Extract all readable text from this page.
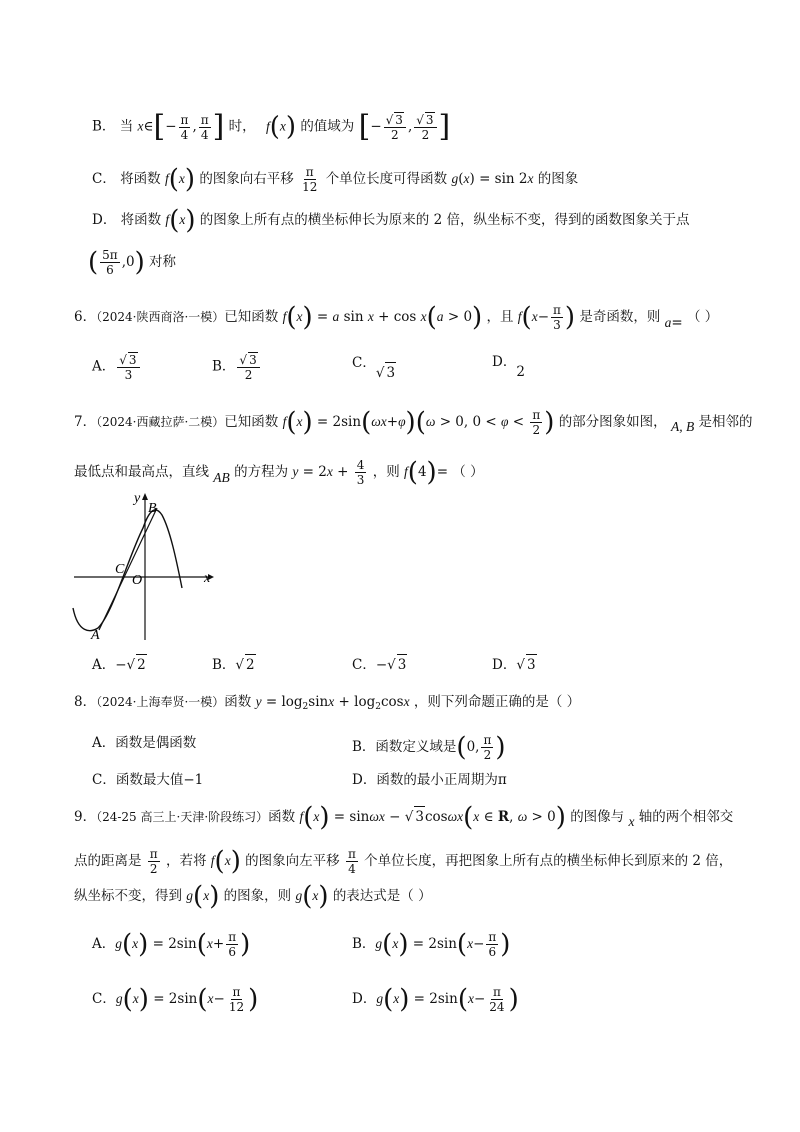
B． 当 x∈[− $\frac{\pi}{4}$ , $\frac{\pi}{4}$ ] 时， f(x) 的值域为 [− $\frac{√ 3}{2}$ , $\frac{√ 3}{2}$ ]
C． 将函数 f(x) 的图象向右平移 $\frac{\pi}{12}$ 个单位长度可得函数 g(x) = sin 2x 的图象
D． 将函数 f(x) 的图象上所有点的横坐标伸长为原来的 2 倍，纵坐标不变，得到的函数图象关于点
( $\frac{5\pi}{6} ,0$) 对称
6．（2024·陕西商洛·一模）已知函数 f(x) = a sin x + cos x(a > 0) ，且 $f(x- \frac{\pi}{3}$ ) 是奇函数，则 a= （ ）
A． $\frac{√ 3}{3}$	B． $\frac{√ 3}{2}$	C．√ 3
D．2
7．（2024·西藏拉萨·二模）已知函数 f(x) = 2sin(ωx+φ)(ω > 0, $0 < \varphi < \frac{\pi}{2}$ ) 的部分图象如图， A, B 是相邻的
最低点和最高点，直线 AB 的方程为 $y = 2x + \frac{4}{3}$ ，则 f(4)= （ ）
y
x
B
C
O
A
A．−√ 2	B．√ 2	C．−√ 3	D．√ 3
8．（2024·上海奉贤·一模）函数 $y = \log_2\sin x + \log_2\cos x$ ，则下列命题正确的是（ ）
A．函数是偶函数	B．函数定义域是(0, $\frac{\pi}{2}$ )
C．函数最大值−1	D．函数的最小正周期为π
9．（24-25 高三上·天津·阶段练习）函数 f(x) = sinωx − √ 3cosωx(x ∈ R, ω > 0) 的图像与 x 轴的两个相邻交
点的距离是 $\frac{\pi}{2}$ ，若将 f(x) 的图象向左平移 $\frac{\pi}{4}$ 个单位长度，再把图象上所有点的横坐标伸长到原来的 2 倍，
纵坐标不变，得到 g(x) 的图象，则 g(x) 的表达式是（ ）
A．$g(x) = 2\sin(x+ \frac{\pi}{6}$ )	B．$g(x) = 2\sin(x- \frac{\pi}{6}$ )
C．$g(x) = 2\sin(x- \frac{\pi}{12}$ )	D．$g(x) = 2\sin(x- \frac{\pi}{24}$ )
